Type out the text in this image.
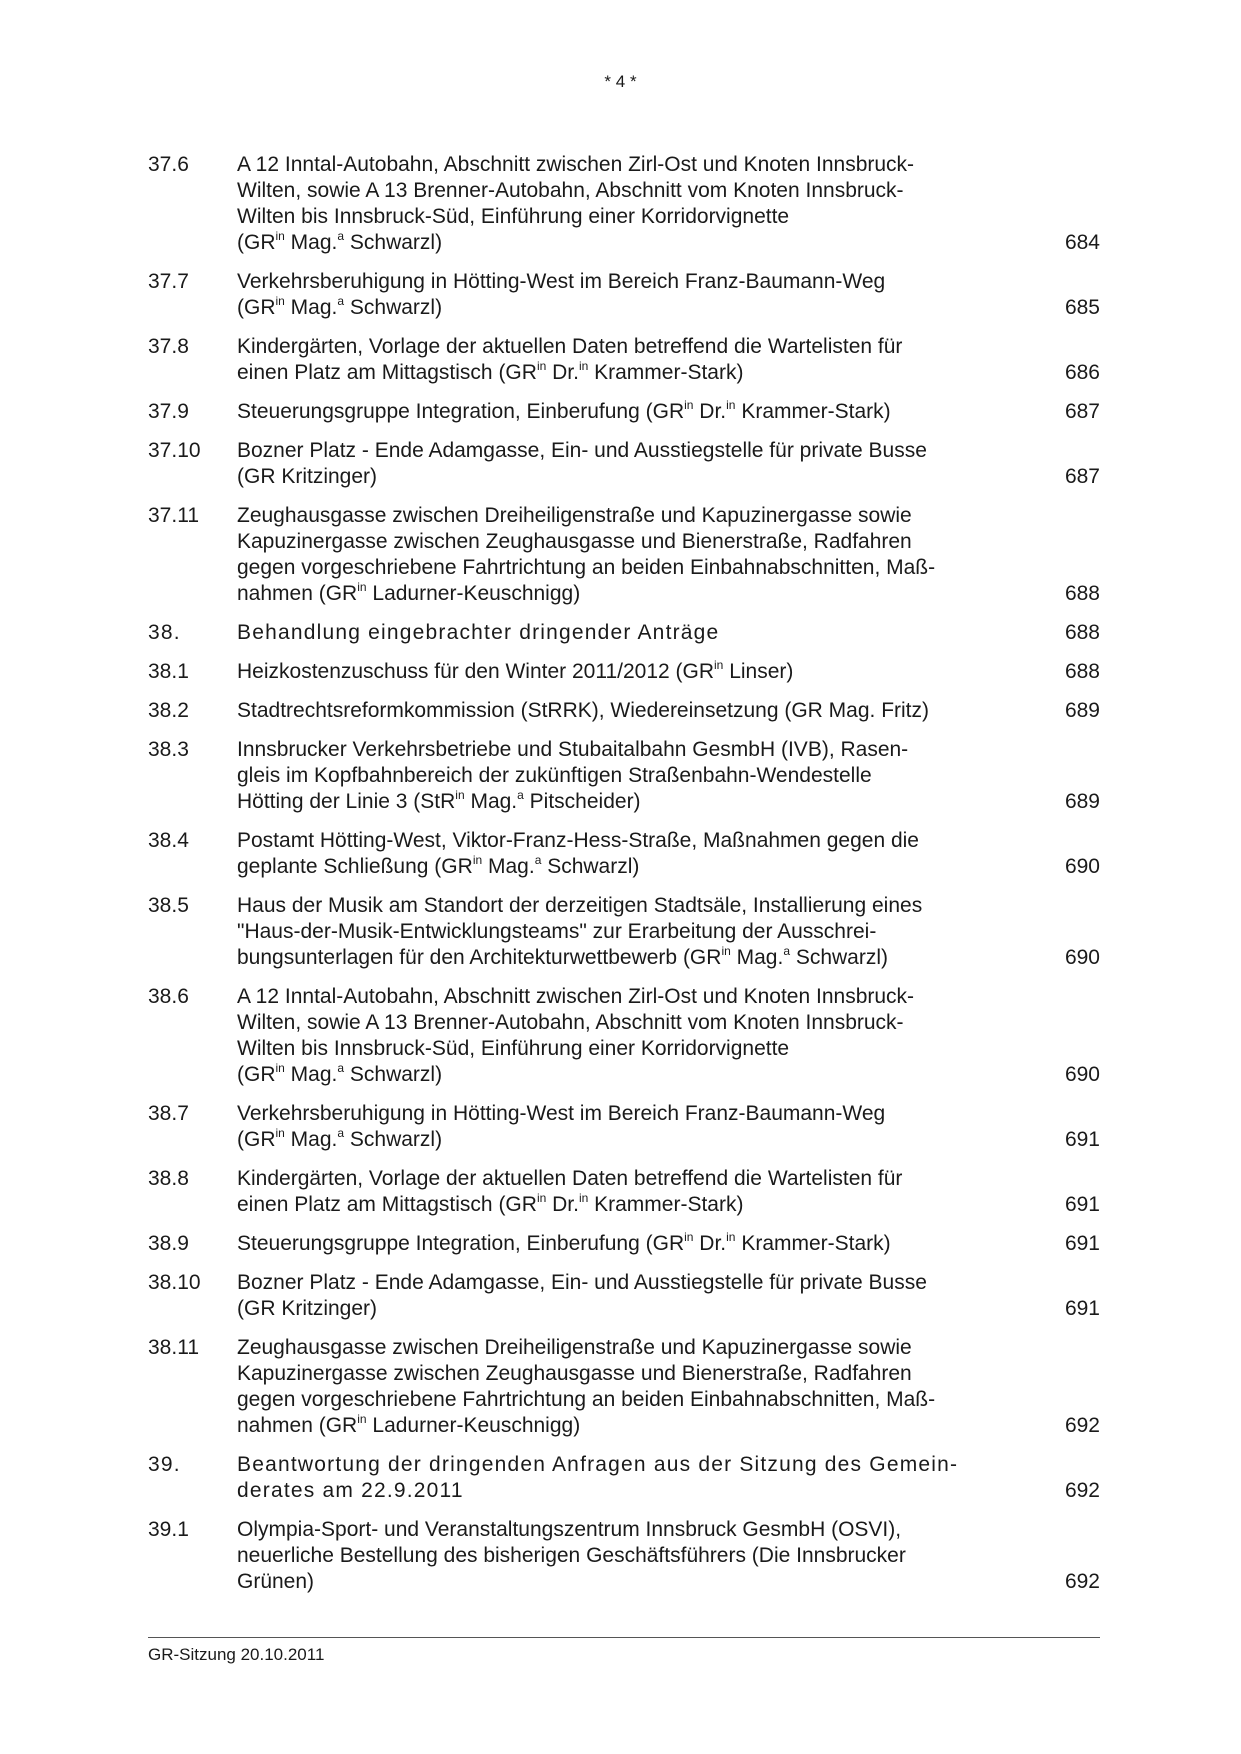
* 4 *
37.6	A 12 Inntal-Autobahn, Abschnitt zwischen Zirl-Ost und Knoten Innsbruck-
Wilten, sowie A 13 Brenner-Autobahn, Abschnitt vom Knoten Innsbruck-
Wilten bis Innsbruck-Süd, Einführung einer Korridorvignette
($GR^{in}$ Mag.$^a$ Schwarzl)	684
37.7	Verkehrsberuhigung in Hötting-West im Bereich Franz-Baumann-Weg
($GR^{in}$ Mag.$^a$ Schwarzl)	685
37.8	Kindergärten, Vorlage der aktuellen Daten betreffend die Wartelisten für
einen Platz am Mittagstisch ($GR^{in}$ Dr.$^{in}$ Krammer-Stark)	686
37.9	Steuerungsgruppe Integration, Einberufung ($GR^{in}$ Dr.$^{in}$ Krammer-Stark)	687
37.10	Bozner Platz - Ende Adamgasse, Ein- und Ausstiegstelle für private Busse
(GR Kritzinger)	687
37.11	Zeughausgasse zwischen Dreiheiligenstraße und Kapuzinergasse sowie
Kapuzinergasse zwischen Zeughausgasse und Bienerstraße, Radfahren
gegen vorgeschriebene Fahrtrichtung an beiden Einbahnabschnitten, Maß-
nahmen ($GR^{in}$ Ladurner-Keuschnigg)	688
38.	Behandlung eingebrachter dringender Anträge	688
38.1	Heizkostenzuschuss für den Winter 2011/2012 ($GR^{in}$ Linser)	688
38.2	Stadtrechtsreformkommission (StRRK), Wiedereinsetzung (GR Mag. Fritz)	689
38.3	Innsbrucker Verkehrsbetriebe und Stubaitalbahn GesmbH (IVB), Rasen-
gleis im Kopfbahnbereich der zukünftigen Straßenbahn-Wendestelle
Hötting der Linie 3 (StR$^{in}$ Mag.$^a$ Pitscheider)	689
38.4	Postamt Hötting-West, Viktor-Franz-Hess-Straße, Maßnahmen gegen die
geplante Schließung ($GR^{in}$ Mag.$^a$ Schwarzl)	690
38.5	Haus der Musik am Standort der derzeitigen Stadtsäle, Installierung eines
"Haus-der-Musik-Entwicklungsteams" zur Erarbeitung der Ausschrei-
bungsunterlagen für den Architekturwettbewerb ($GR^{in}$ Mag.$^a$ Schwarzl)	690
38.6	A 12 Inntal-Autobahn, Abschnitt zwischen Zirl-Ost und Knoten Innsbruck-
Wilten, sowie A 13 Brenner-Autobahn, Abschnitt vom Knoten Innsbruck-
Wilten bis Innsbruck-Süd, Einführung einer Korridorvignette
($GR^{in}$ Mag.$^a$ Schwarzl)	690
38.7	Verkehrsberuhigung in Hötting-West im Bereich Franz-Baumann-Weg
($GR^{in}$ Mag.$^a$ Schwarzl)	691
38.8	Kindergärten, Vorlage der aktuellen Daten betreffend die Wartelisten für
einen Platz am Mittagstisch ($GR^{in}$ Dr.$^{in}$ Krammer-Stark)	691
38.9	Steuerungsgruppe Integration, Einberufung ($GR^{in}$ Dr.$^{in}$ Krammer-Stark)	691
38.10	Bozner Platz - Ende Adamgasse, Ein- und Ausstiegstelle für private Busse
(GR Kritzinger)	691
38.11	Zeughausgasse zwischen Dreiheiligenstraße und Kapuzinergasse sowie
Kapuzinergasse zwischen Zeughausgasse und Bienerstraße, Radfahren
gegen vorgeschriebene Fahrtrichtung an beiden Einbahnabschnitten, Maß-
nahmen ($GR^{in}$ Ladurner-Keuschnigg)	692
39.	Beantwortung der dringenden Anfragen aus der Sitzung des Gemein-
derates am 22.9.2011	692
39.1	Olympia-Sport- und Veranstaltungszentrum Innsbruck GesmbH (OSVI),
neuerliche Bestellung des bisherigen Geschäftsführers (Die Innsbrucker
Grünen)	692
GR-Sitzung 20.10.2011
